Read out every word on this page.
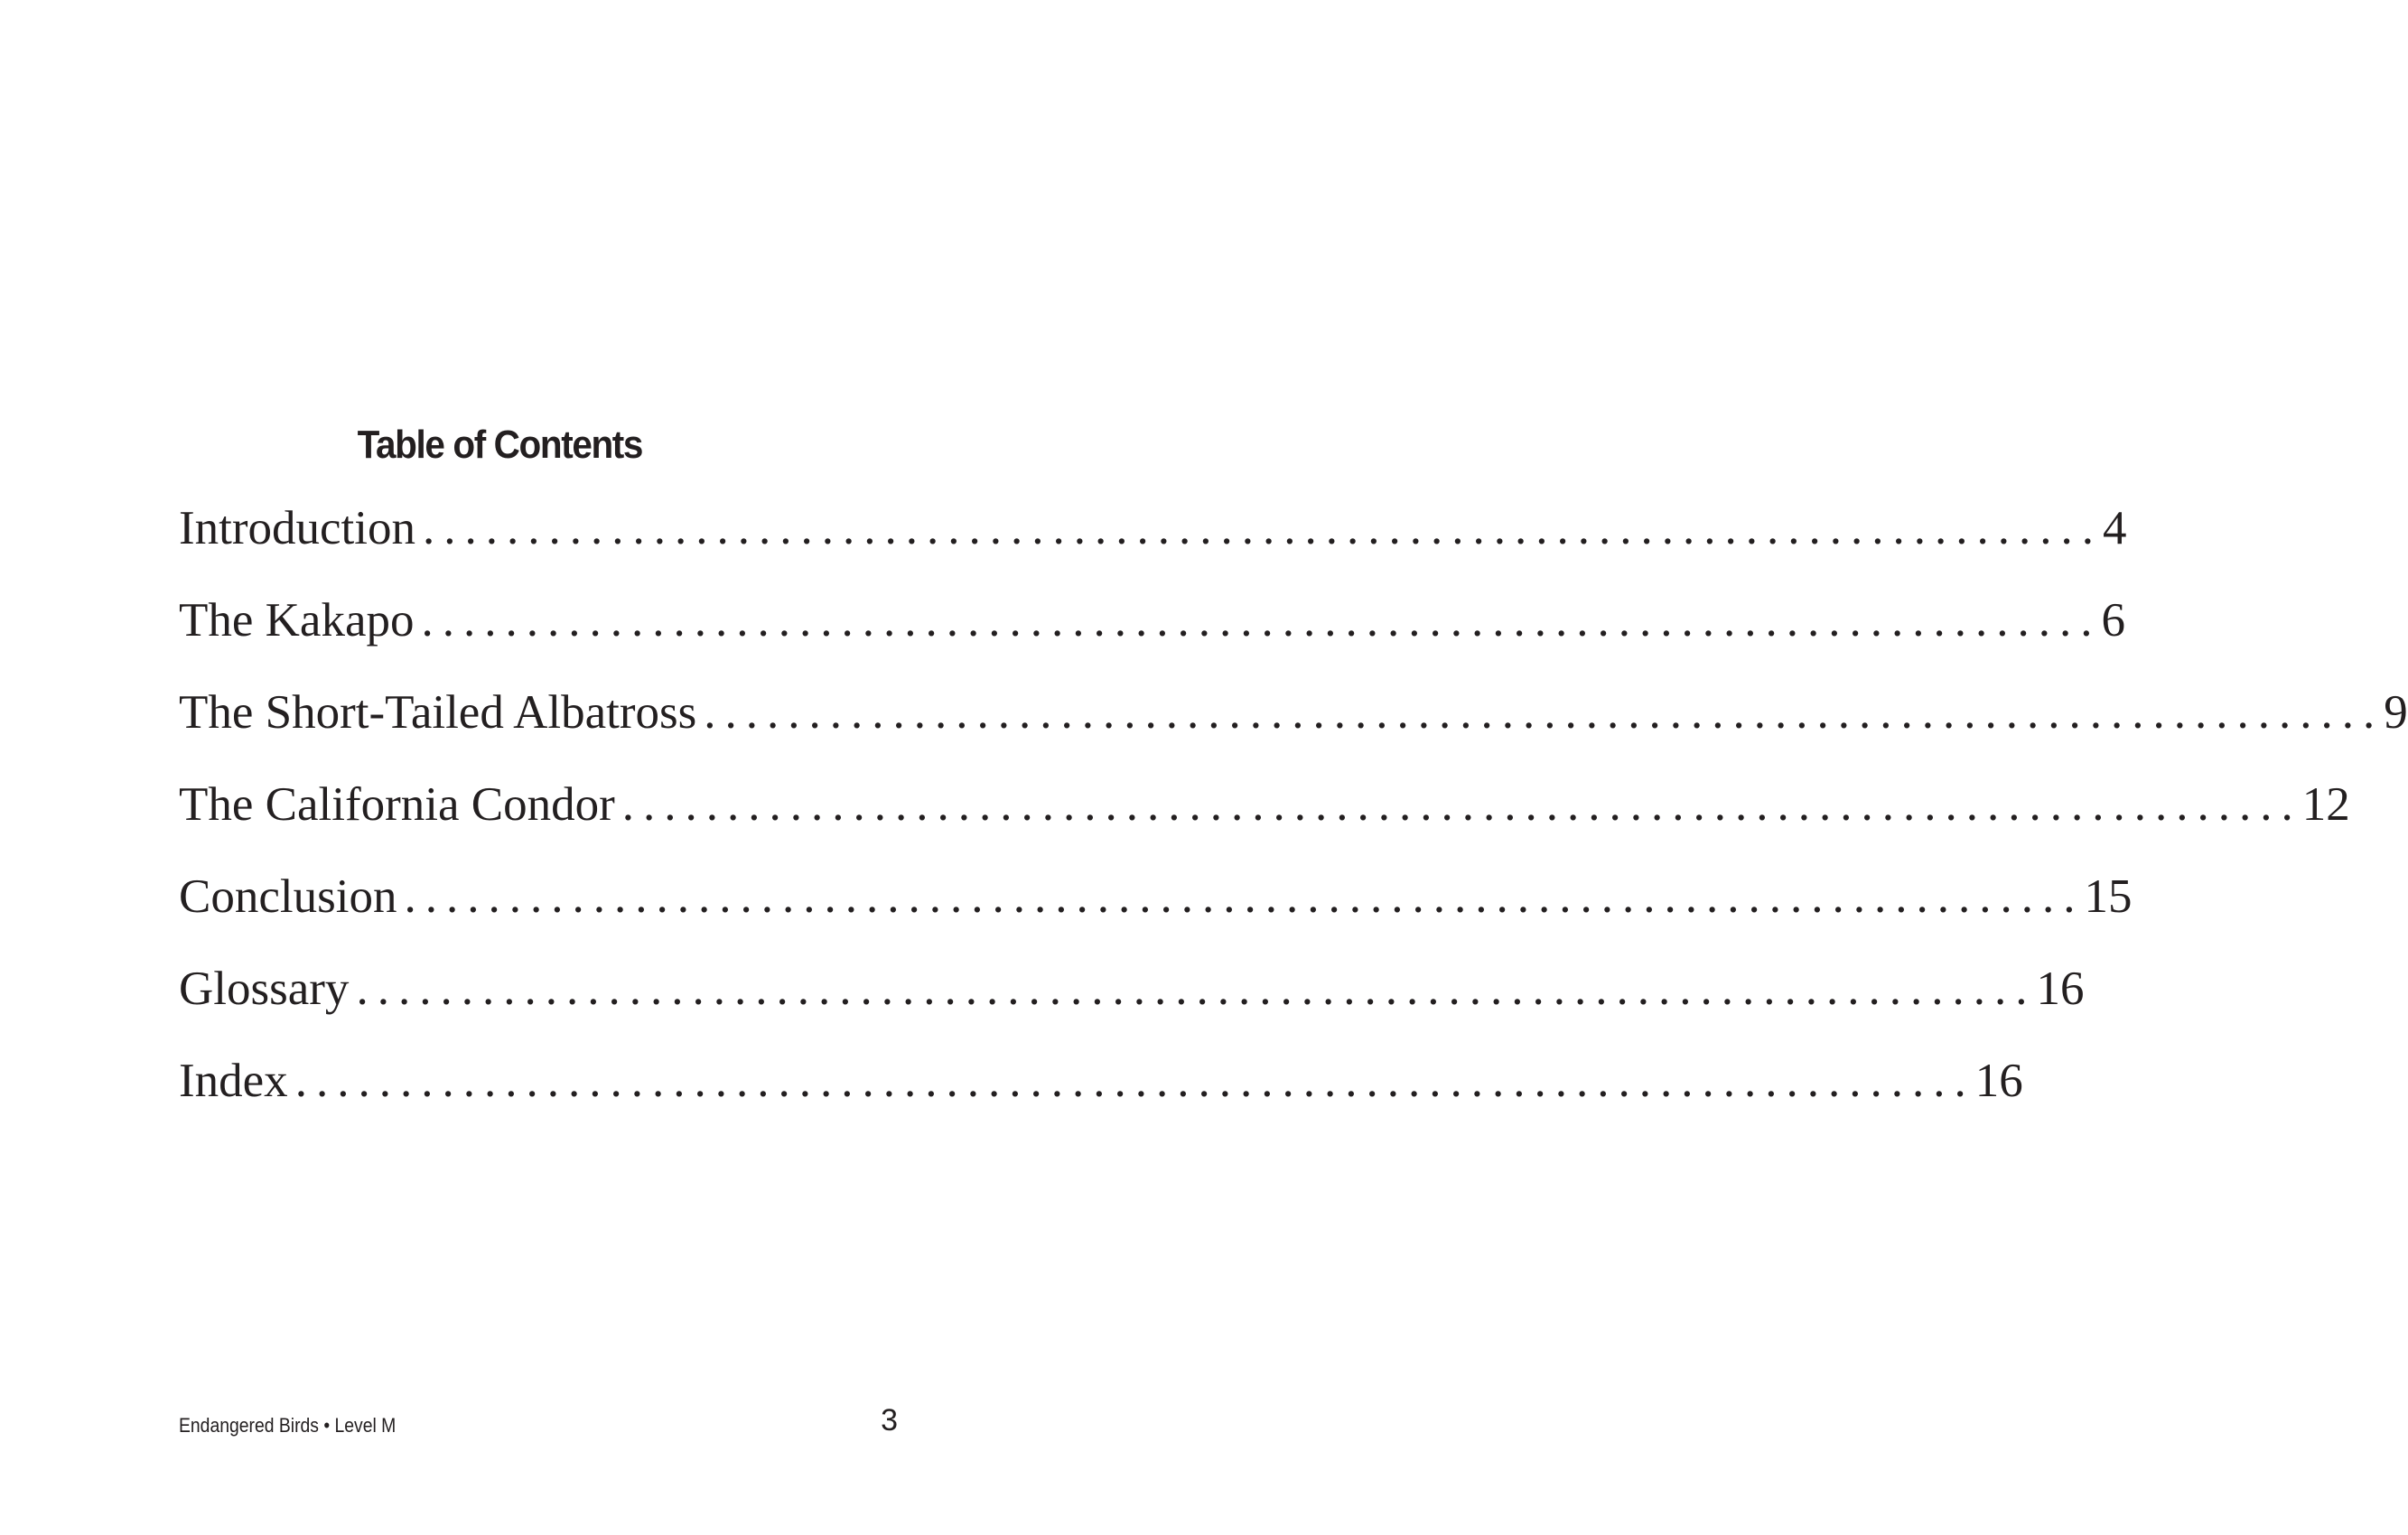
Table of Contents
Introduction ................................................................................ 4
The Kakapo ................................................................................ 6
The Short-Tailed Albatross ................................................................................ 9
The California Condor ................................................................................ 12
Conclusion ................................................................................ 15
Glossary ................................................................................ 16
Index ................................................................................ 16
Endangered Birds • Level M	3
